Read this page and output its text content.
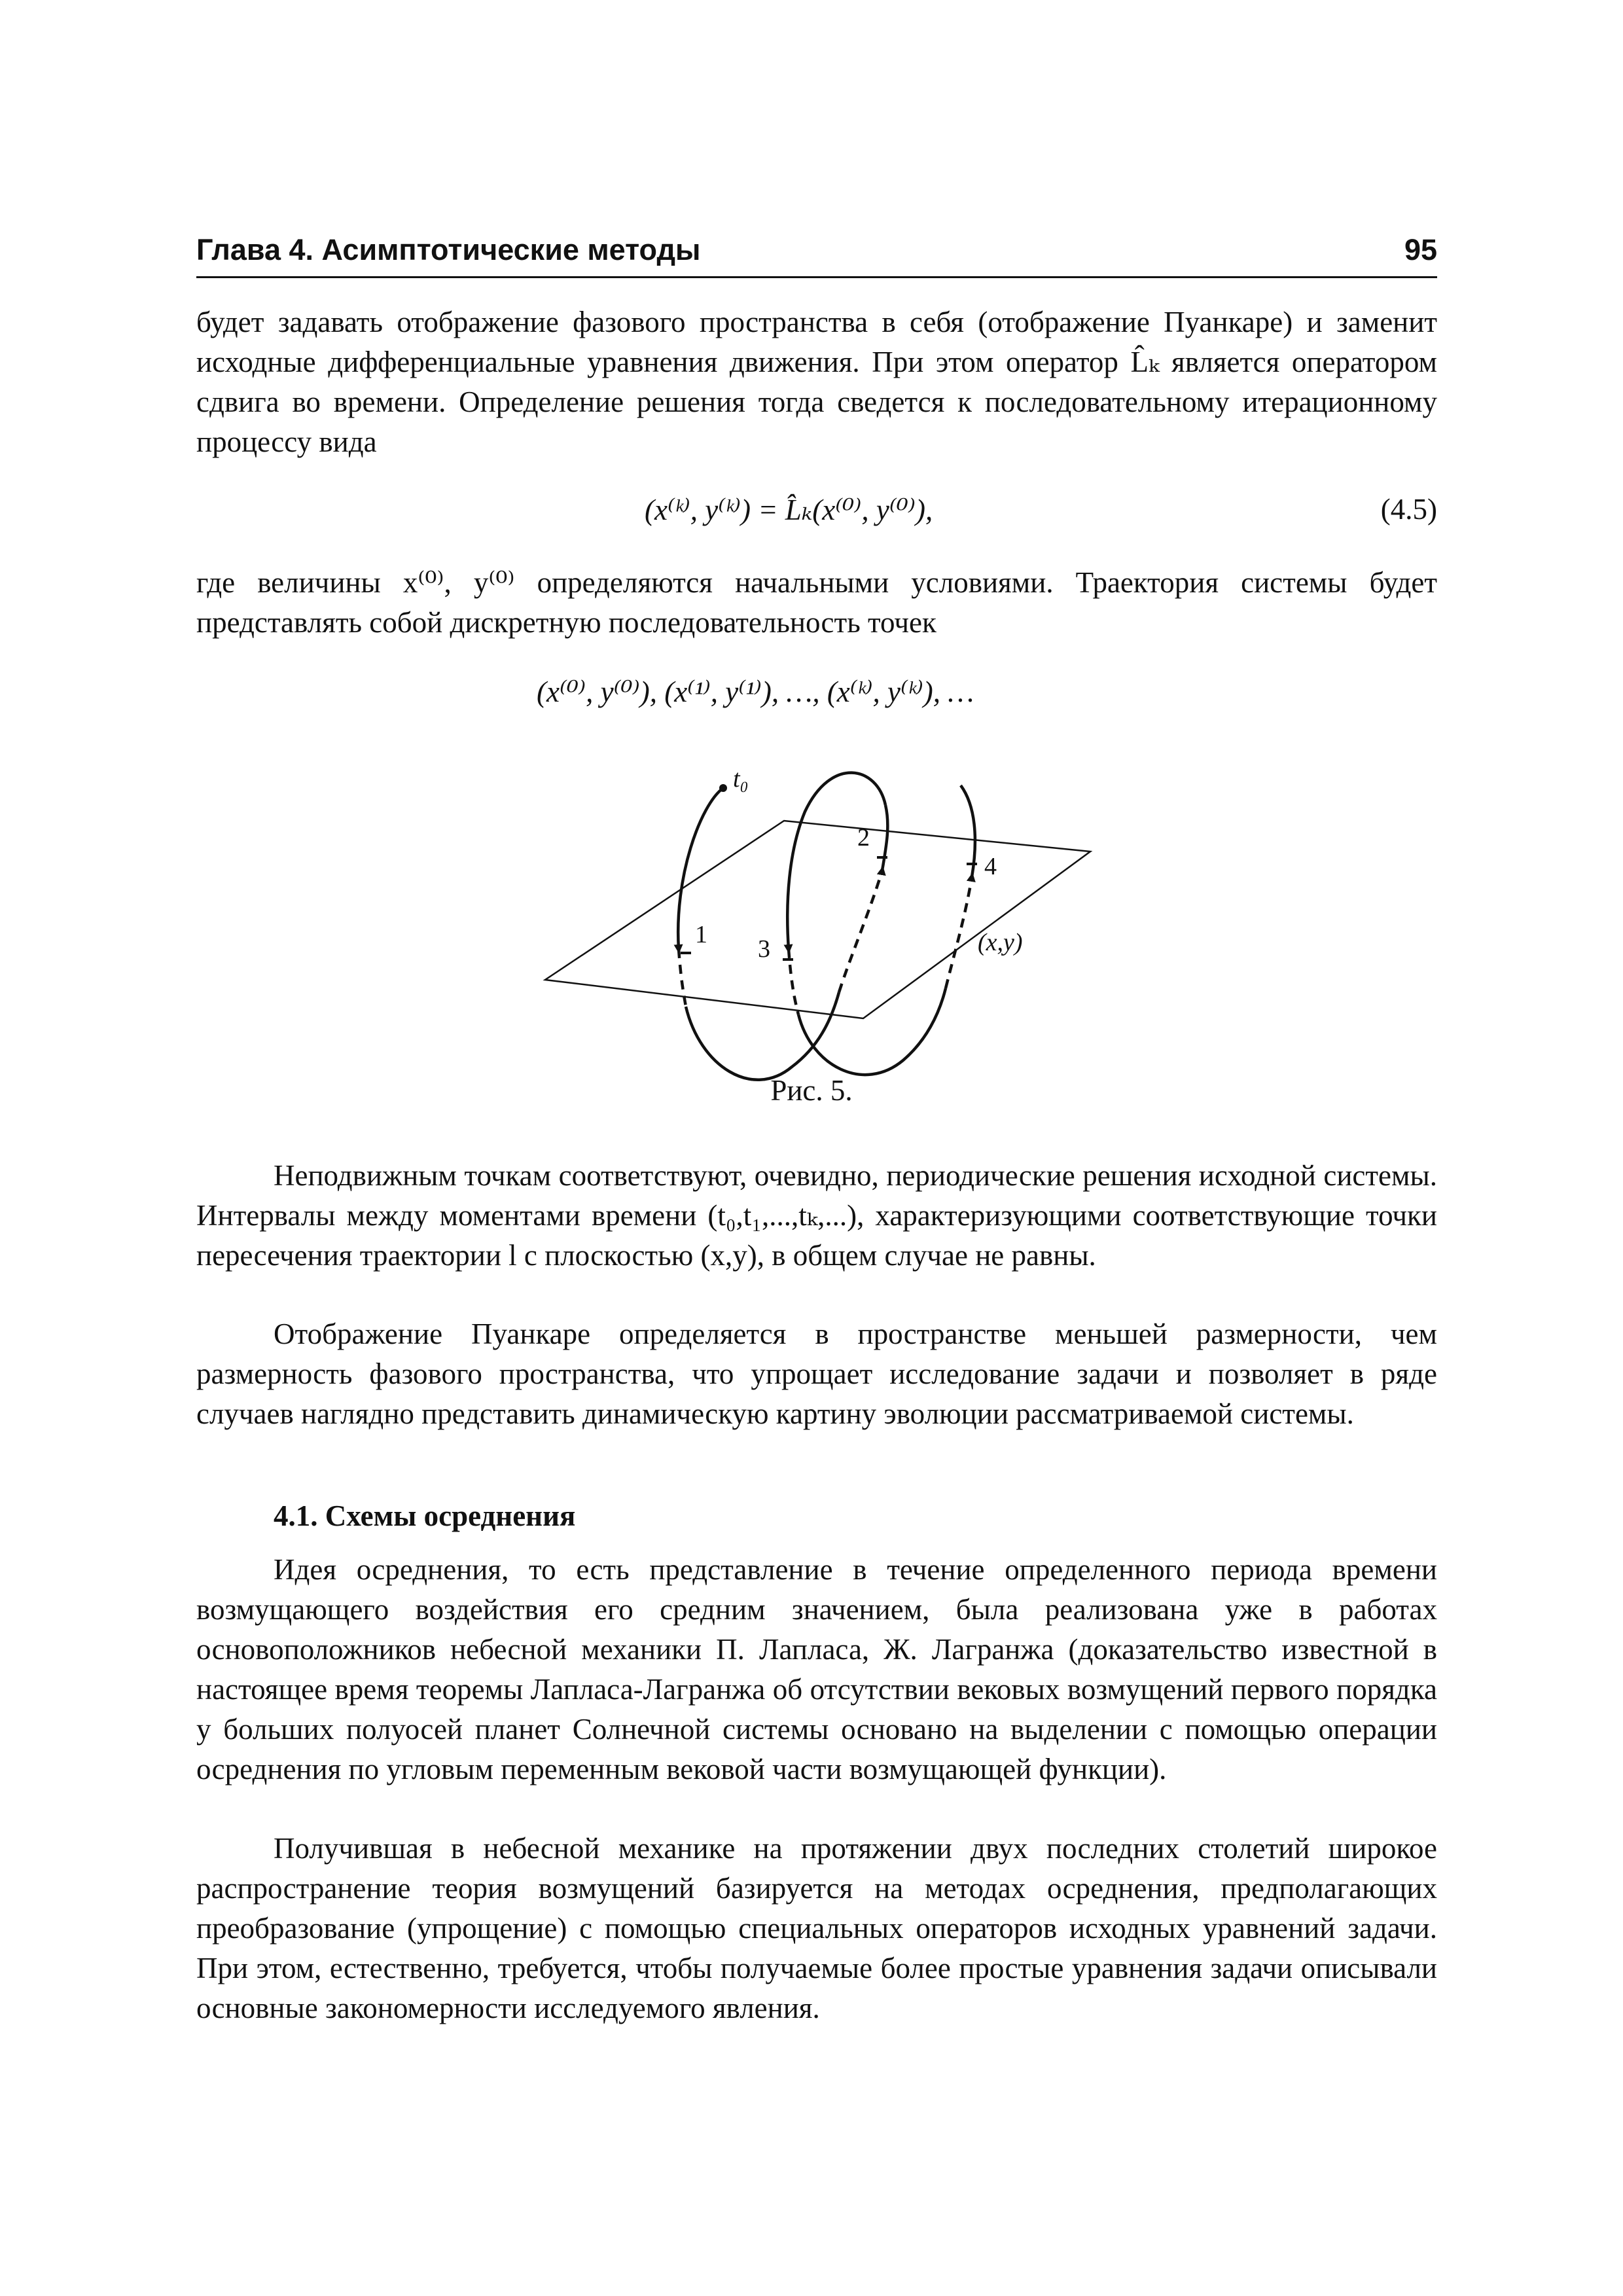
Глава 4. Асимптотические методы	95

будет задавать отображение фазового пространства в себя (отображение Пуанкаре) и заменит исходные дифференциальные уравнения движения. При этом оператор L̂ₖ является оператором сдвига во времени. Определение решения тогда сведется к последовательному итерационному процессу вида

(x⁽ᵏ⁾, y⁽ᵏ⁾) = L̂ₖ(x⁽⁰⁾, y⁽⁰⁾),	(4.5)

где величины x⁽⁰⁾, y⁽⁰⁾ определяются начальными условиями. Траектория системы будет представлять собой дискретную последовательность точек

(x⁽⁰⁾, y⁽⁰⁾), (x⁽¹⁾, y⁽¹⁾), …, (x⁽ᵏ⁾, y⁽ᵏ⁾), …
t₀
1
2
3
4
(x,y)
Рис. 5.

Неподвижным точкам соответствуют, очевидно, периодические решения исходной системы. Интервалы между моментами времени (t₀,t₁,...,tₖ,...), характеризующими соответствующие точки пересечения траектории l с плоскостью (x,y), в общем случае не равны.

Отображение Пуанкаре определяется в пространстве меньшей размерности, чем размерность фазового пространства, что упрощает исследование задачи и позволяет в ряде случаев наглядно представить динамическую картину эволюции рассматриваемой системы.

4.1. Схемы осреднения

Идея осреднения, то есть представление в течение определенного периода времени возмущающего воздействия его средним значением, была реализована уже в работах основоположников небесной механики П. Лапласа, Ж. Лагранжа (доказательство известной в настоящее время теоремы Лапласа-Лагранжа об отсутствии вековых возмущений первого порядка у больших полуосей планет Солнечной системы основано на выделении с помощью операции осреднения по угловым переменным вековой части возмущающей функции).

Получившая в небесной механике на протяжении двух последних столетий широкое распространение теория возмущений базируется на методах осреднения, предполагающих преобразование (упрощение) с помощью специальных операторов исходных уравнений задачи. При этом, естественно, требуется, чтобы получаемые более простые уравнения задачи описывали основные закономерности исследуемого явления.
